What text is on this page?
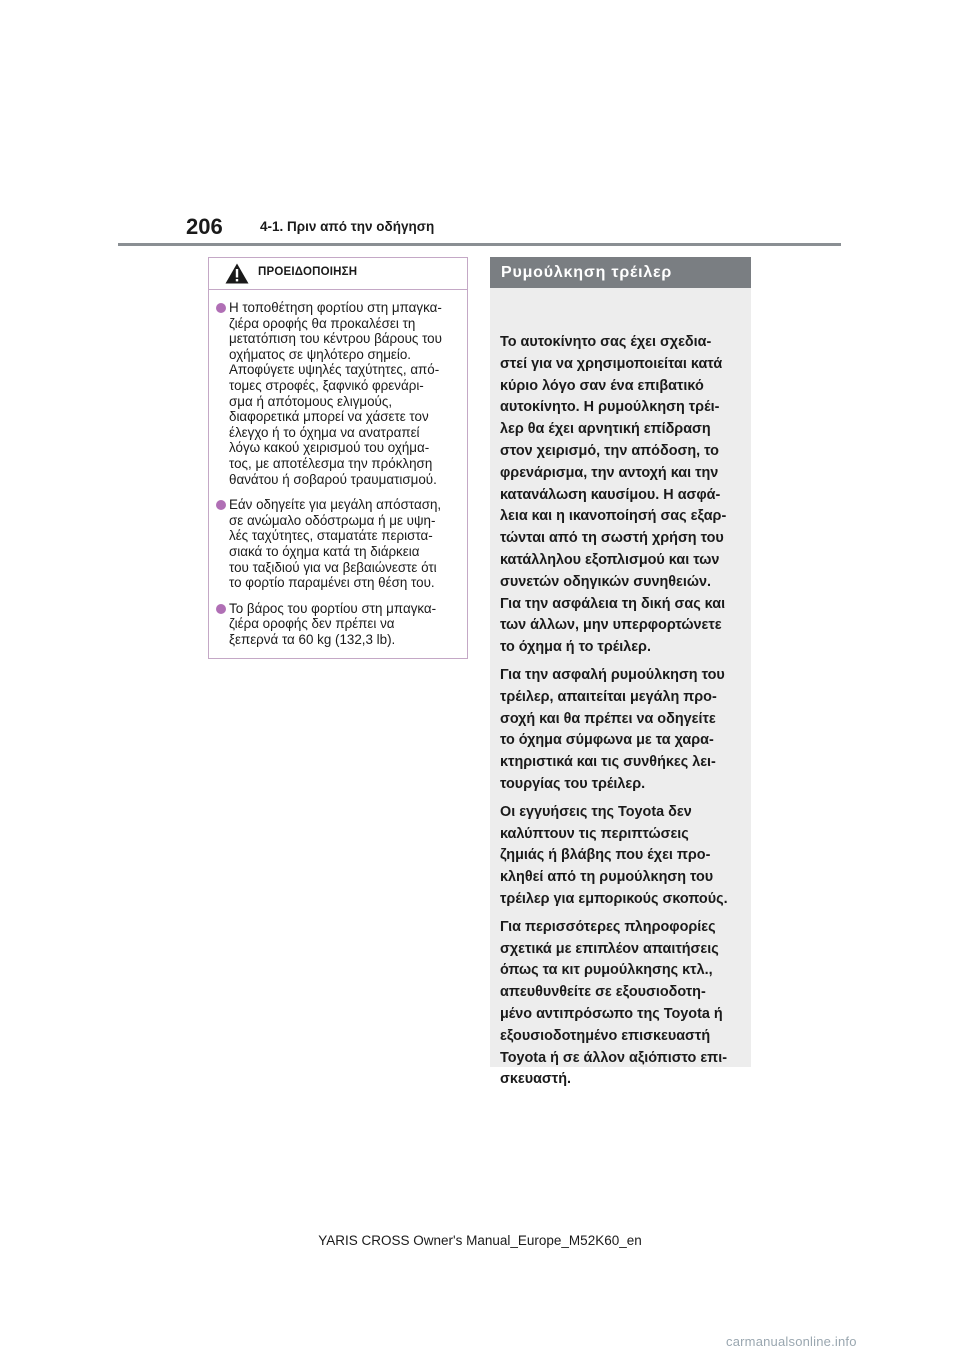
206	4-1. Πριν από την οδήγηση
ΠΡΟΕΙΔΟΠΟΙΗΣΗ
Η τοποθέτηση φορτίου στη μπαγκα-
ζιέρα οροφής θα προκαλέσει τη
μετατόπιση του κέντρου βάρους του
οχήματος σε ψηλότερο σημείο.
Αποφύγετε υψηλές ταχύτητες, από-
τομες στροφές, ξαφνικό φρενάρι-
σμα ή απότομους ελιγμούς,
διαφορετικά μπορεί να χάσετε τον
έλεγχο ή το όχημα να ανατραπεί
λόγω κακού χειρισμού του οχήμα-
τος, με αποτέλεσμα την πρόκληση
θανάτου ή σοβαρού τραυματισμού.
Εάν οδηγείτε για μεγάλη απόσταση,
σε ανώμαλο οδόστρωμα ή με υψη-
λές ταχύτητες, σταματάτε περιστα-
σιακά το όχημα κατά τη διάρκεια
του ταξιδιού για να βεβαιώνεστε ότι
το φορτίο παραμένει στη θέση του.
Το βάρος του φορτίου στη μπαγκα-
ζιέρα οροφής δεν πρέπει να
ξεπερνά τα 60 kg (132,3 lb).
Ρυμούλκηση τρέιλερ

Το αυτοκίνητο σας έχει σχεδια-
στεί για να χρησιμοποιείται κατά
κύριο λόγο σαν ένα επιβατικό
αυτοκίνητο. Η ρυμούλκηση τρέι-
λερ θα έχει αρνητική επίδραση
στον χειρισμό, την απόδοση, το
φρενάρισμα, την αντοχή και την
κατανάλωση καυσίμου. Η ασφά-
λεια και η ικανοποίησή σας εξαρ-
τώνται από τη σωστή χρήση του
κατάλληλου εξοπλισμού και των
συνετών οδηγικών συνηθειών.
Για την ασφάλεια τη δική σας και
των άλλων, μην υπερφορτώνετε
το όχημα ή το τρέιλερ.

Για την ασφαλή ρυμούλκηση του
τρέιλερ, απαιτείται μεγάλη προ-
σοχή και θα πρέπει να οδηγείτε
το όχημα σύμφωνα με τα χαρα-
κτηριστικά και τις συνθήκες λει-
τουργίας του τρέιλερ.

Οι εγγυήσεις της Toyota δεν
καλύπτουν τις περιπτώσεις
ζημιάς ή βλάβης που έχει προ-
κληθεί από τη ρυμούλκηση του
τρέιλερ για εμπορικούς σκοπούς.

Για περισσότερες πληροφορίες
σχετικά με επιπλέον απαιτήσεις
όπως τα κιτ ρυμούλκησης κτλ.,
απευθυνθείτε σε εξουσιοδοτη-
μένο αντιπρόσωπο της Toyota ή
εξουσιοδοτημένο επισκευαστή
Toyota ή σε άλλον αξιόπιστο επι-
σκευαστή.

YARIS CROSS Owner's Manual_Europe_M52K60_en
carmanualsonline.info
